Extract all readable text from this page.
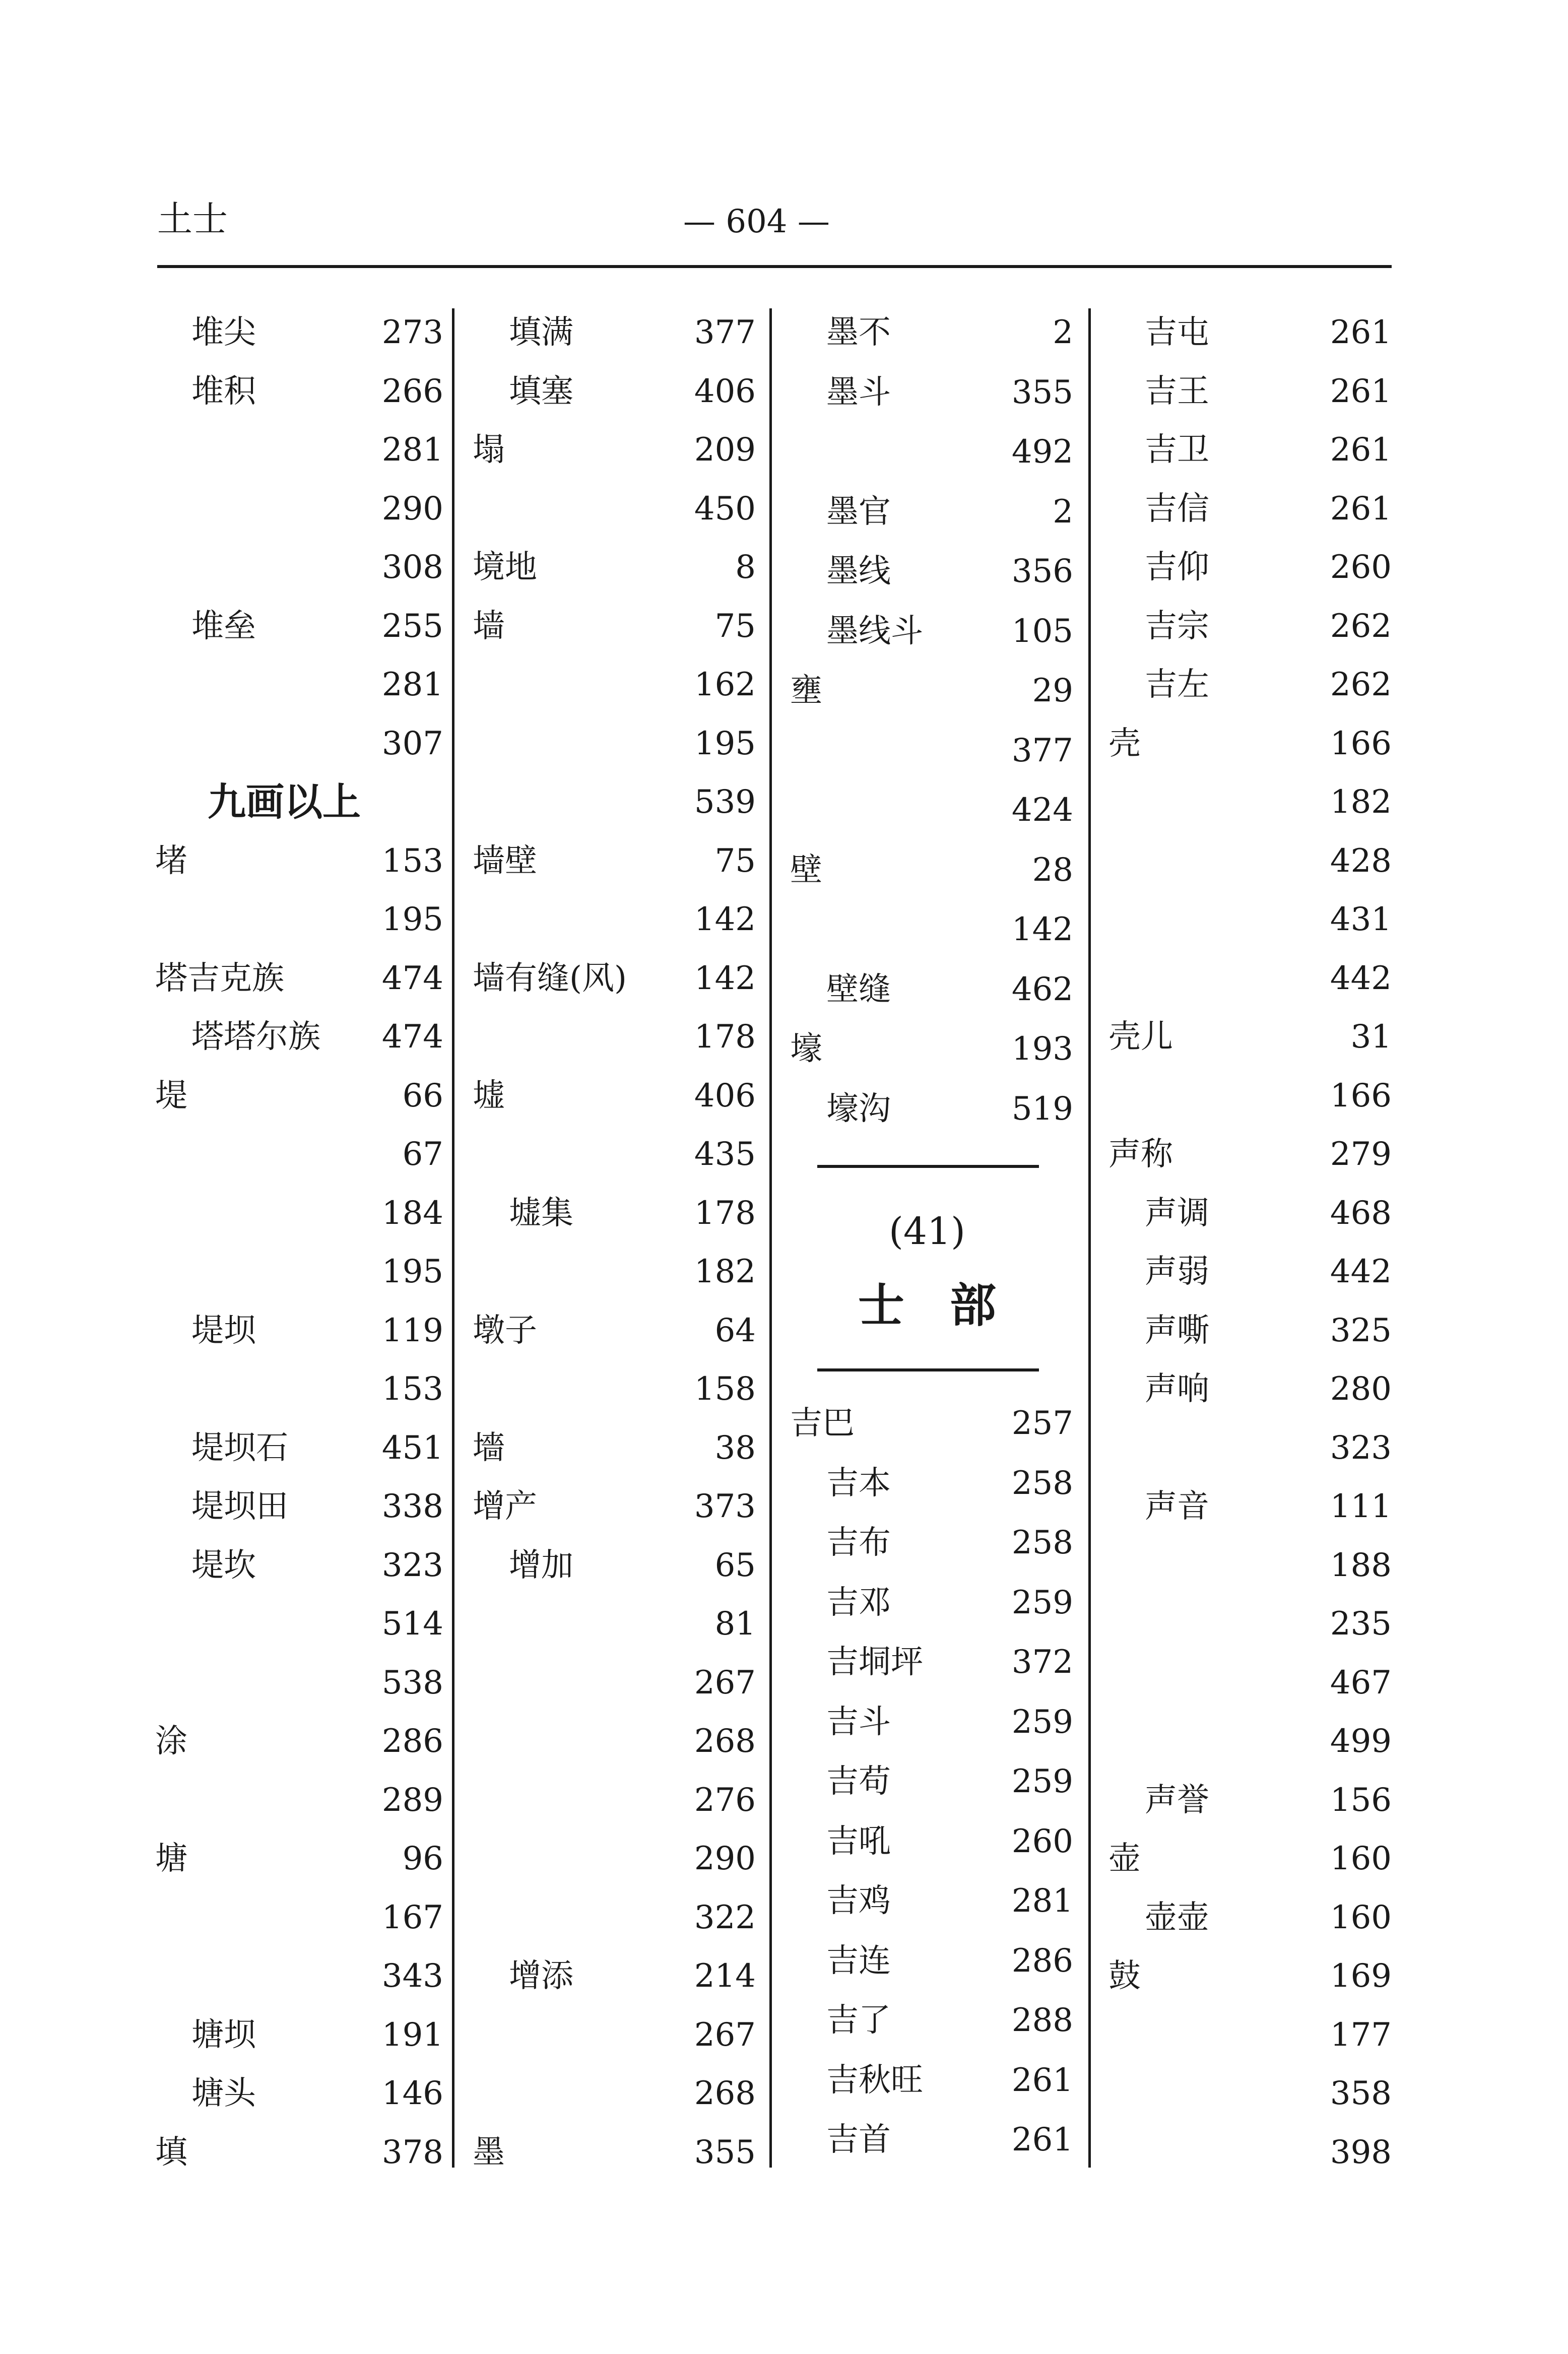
土士	— 604 —
堆尖	273
堆积	266
281
290
308
堆垒	255
281
307
九画以上
堵	153
195
塔吉克族	474
塔塔尔族 474
堤	66
67
184
195
堤坝	119
153
堤坝石	451
堤坝田	338
堤坎	323
514
538
涂	286
289
塘	96
167
343
塘坝	191
塘头	146
填	378
填满	377
填塞	406
塌	209
450
境地	8
墙	75
162
195
539
墙壁	75
142
墙有缝(风) 142
178
墟	406
435
墟集	178
182
墩子	64
158
墻	38
增产	373
增加	65
81
267
268
276
290
322
增添	214
267
268
墨	355
墨不	2
墨斗	355
492
墨官	2
墨线	356
墨线斗	105
壅	29
377
424
壁	28
142
壁缝	462
壕	193
壕沟	519
(41)
士部
吉巴	257
吉本	258
吉布	258
吉邓	259
吉垌坪	372
吉斗	259
吉苟	259
吉吼	260
吉鸡	281
吉连	286
吉了	288
吉秋旺	261
吉首	261
吉屯	261
吉王	261
吉卫	261
吉信	261
吉仰	260
吉宗	262
吉左	262
壳	166
182
428
431
442
壳儿	31
166
声称	279
声调	468
声弱	442
声嘶	325
声响	280
323
声音	111
188
235
467
499
声誉	156
壶	160
壶壶	160
鼓	169
177
358
398
